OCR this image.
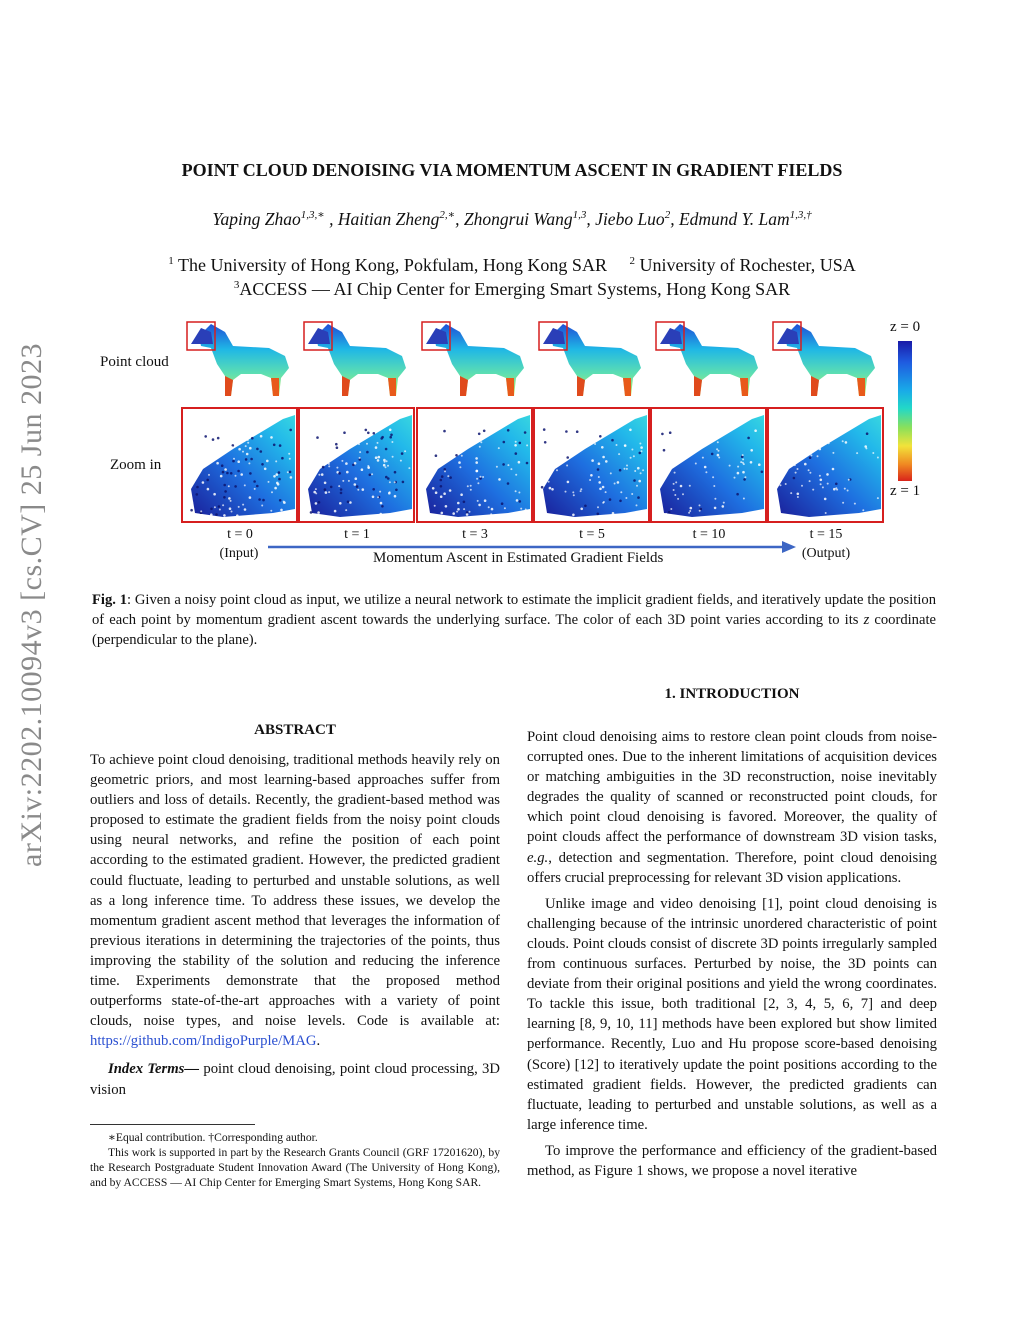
arXiv:2202.10094v3 [cs.CV] 25 Jun 2023
POINT CLOUD DENOISING VIA MOMENTUM ASCENT IN GRADIENT FIELDS
Yaping Zhao$^{1,3,∗}$ , Haitian Zheng$^{2,∗}$, Zhongrui Wang$^{1,3}$, Jiebo Luo$^2$, Edmund Y. Lam$^{1,3,\dagger}$
$^1$ The University of Hong Kong, Pokfulam, Hong Kong SAR $^2$ University of Rochester, USA
$^3$ACCESS — AI Chip Center for Emerging Smart Systems, Hong Kong SAR
Point cloud
Zoom in
z = 0
z = 1
t = 0	t = 1	t = 3	t = 5	t = 10	t = 15
(Input)	(Output)
Momentum Ascent in Estimated Gradient Fields
Fig. 1: Given a noisy point cloud as input, we utilize a neural network to estimate the implicit gradient fields, and iteratively update the position of each point by momentum gradient ascent towards the underlying surface. The color of each 3D point varies according to its z coordinate (perpendicular to the plane).
ABSTRACT

To achieve point cloud denoising, traditional methods heavily rely on geometric priors, and most learning-based approaches suffer from outliers and loss of details. Recently, the gradient-based method was proposed to estimate the gradient fields from the noisy point clouds using neural networks, and refine the position of each point according to the estimated gradient. However, the predicted gradient could fluctuate, leading to perturbed and unstable solutions, as well as a long inference time. To address these issues, we develop the momentum gradient ascent method that leverages the information of previous iterations in determining the trajectories of the points, thus improving the stability of the solution and reducing the inference time. Experiments demonstrate that the proposed method outperforms state-of-the-art approaches with a variety of point clouds, noise types, and noise levels. Code is available at: https://github.com/IndigoPurple/MAG.

Index Terms— point cloud denoising, point cloud processing, 3D vision

∗Equal contribution. †Corresponding author.
This work is supported in part by the Research Grants Council (GRF 17201620), by the Research Postgraduate Student Innovation Award (The University of Hong Kong), and by ACCESS — AI Chip Center for Emerging Smart Systems, Hong Kong SAR.
1. INTRODUCTION

Point cloud denoising aims to restore clean point clouds from noise-corrupted ones. Due to the inherent limitations of acquisition devices or matching ambiguities in the 3D reconstruction, noise inevitably degrades the quality of scanned or reconstructed point clouds, for which point cloud denoising is favored. Moreover, the quality of point clouds affect the performance of downstream 3D vision tasks, e.g., detection and segmentation. Therefore, point cloud denoising offers crucial preprocessing for relevant 3D vision applications.

Unlike image and video denoising [1], point cloud denoising is challenging because of the intrinsic unordered characteristic of point clouds. Point clouds consist of discrete 3D points irregularly sampled from continuous surfaces. Perturbed by noise, the 3D points can deviate from their original positions and yield the wrong coordinates. To tackle this issue, both traditional [2, 3, 4, 5, 6, 7] and deep learning [8, 9, 10, 11] methods have been explored but show limited performance. Recently, Luo and Hu propose score-based denoising (Score) [12] to iteratively update the point positions according to the estimated gradient fields. However, the predicted gradients can fluctuate, leading to perturbed and unstable solutions, as well as a large inference time.

To improve the performance and efficiency of the gradient-based method, as Figure 1 shows, we propose a novel iterative
